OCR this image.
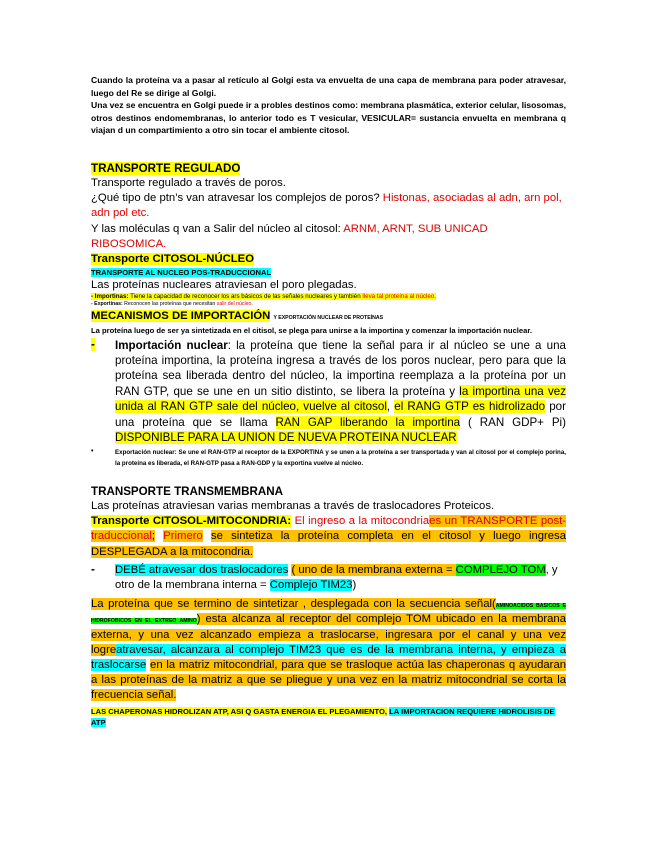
Cuando la proteína va a pasar al retículo al Golgi esta va envuelta de una capa de membrana para poder atravesar, luego del Re se dirige al Golgi.

Una vez se encuentra en Golgi puede ir a probles destinos como: membrana plasmática, exterior celular, lisosomas, otros destinos endomembranas, lo anterior todo es T vesicular, VESICULAR= sustancia envuelta en membrana q viajan d un compartimiento a otro sin tocar el ambiente citosol.

TRANSPORTE REGULADO

Transporte regulado a través de poros.

¿Qué tipo de ptn’s van atravesar los complejos de poros? Histonas, asociadas al adn, arn pol, adn pol etc.

Y las moléculas q van a Salir del núcleo al citosol: ARNM, ARNT, SUB UNICAD RIBOSOMICA.

Transporte CITOSOL-NÚCLEO

TRANSPORTE AL NUCLEO POS-TRADUCCIONAL

Las proteínas nucleares atraviesan el poro plegadas.

- Importinas: Tiene la capacidad de reconocer los ars básicos de las señales nucleares y también lleva tal proteína al núcleo.

- Exportinas: Reconocen las proteínas que necesitan salir del núcleo.

MECANISMOS DE IMPORTACIÓN Y EXPORTACIÓN NUCLEAR DE PROTEÍNAS

La proteína luego de ser ya sintetizada en el citisol, se plega para unirse a la importina y comenzar la importación nuclear.

-	Importación nuclear: la proteína que tiene la señal para ir al núcleo se une a una proteína importina, la proteína ingresa a través de los poros nuclear, pero para que la proteína sea liberada dentro del núcleo, la importina reemplaza a la proteína por un RAN GTP, que se une en un sitio distinto, se libera la proteína y la importina una vez unida al RAN GTP sale del núcleo, vuelve al citosol, el RANG GTP es hidrolizado por una proteína que se llama RAN GAP liberando la importina ( RAN GDP+ Pi) DISPONIBLE PARA LA UNION DE NUEVA PROTEINA NUCLEAR
•	Exportación nuclear: Se une el RAN-GTP al receptor de la EXPORTINA y se unen a la proteína a ser transportada y van al citosol por el complejo porina, la proteína es liberada, el RAN-GTP pasa a RAN-GDP y la exportina vuelve al núcleo.
TRANSPORTE TRANSMEMBRANA

Las proteínas atraviesan varias membranas a través de traslocadores Proteicos.

Transporte CITOSOL-MITOCONDRIA: El ingreso a la mitocondriaes un TRANSPORTE post-traduccional; Primero se sintetiza la proteína completa en el citosol y luego ingresa DESPLEGADA a la mitocondria.

-	DEBÉ atravesar dos traslocadores ( uno de la membrana externa = COMPLEJO TOM, y otro de la membrana interna = Complejo TIM23)

La proteína que se termino de sintetizar , desplegada con la secuencia señal(AMINOACIDOS BASICOS E HIDROFOBICOS EN EL EXTREO AMINO) esta alcanza al receptor del complejo TOM ubicado en la membrana externa, y una vez alcanzado empieza a traslocarse, ingresara por el canal y una vez logreatravesar, alcanzara al complejo TIM23 que es de la membrana interna, y empieza a traslocarse en la matriz mitocondrial, para que se trasloque actúa las chaperonas q ayudaran a las proteínas de la matriz a que se pliegue y una vez en la matriz mitocondrial se corta la frecuencia señal.

LAS CHAPERONAS HIDROLIZAN ATP, ASI Q GASTA ENERGIA EL PLEGAMIENTO, LA IMPORTACION REQUIERE HIDROLISIS DE ATP
